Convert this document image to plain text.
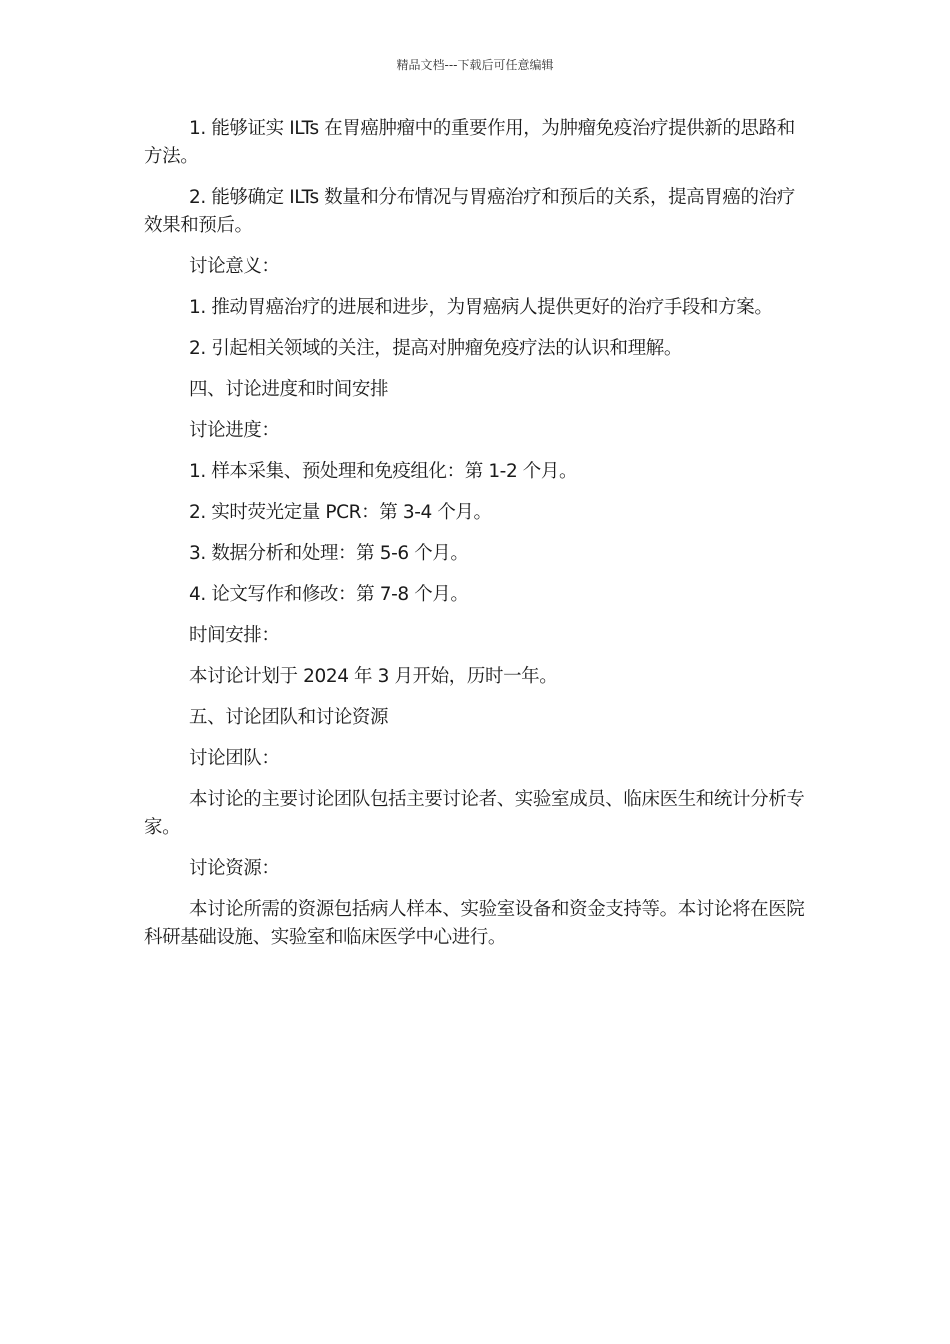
精品文档---下载后可任意编辑

1. 能够证实 ILTs 在胃癌肿瘤中的重要作用，为肿瘤免疫治疗提供新的思路和方法。

2. 能够确定 ILTs 数量和分布情况与胃癌治疗和预后的关系，提高胃癌的治疗效果和预后。

讨论意义：

1. 推动胃癌治疗的进展和进步，为胃癌病人提供更好的治疗手段和方案。

2. 引起相关领域的关注，提高对肿瘤免疫疗法的认识和理解。

四、讨论进度和时间安排

讨论进度：

1. 样本采集、预处理和免疫组化：第 1-2 个月。

2. 实时荧光定量 PCR：第 3-4 个月。

3. 数据分析和处理：第 5-6 个月。

4. 论文写作和修改：第 7-8 个月。

时间安排：

本讨论计划于 2024 年 3 月开始，历时一年。

五、讨论团队和讨论资源

讨论团队：

本讨论的主要讨论团队包括主要讨论者、实验室成员、临床医生和统计分析专家。

讨论资源：

本讨论所需的资源包括病人样本、实验室设备和资金支持等。本讨论将在医院科研基础设施、实验室和临床医学中心进行。
